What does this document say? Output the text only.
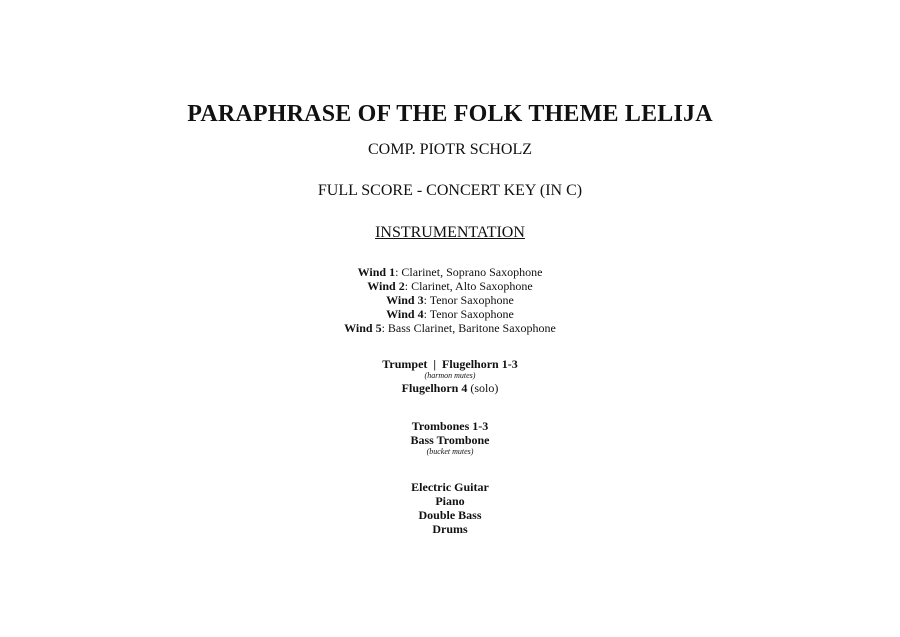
PARAPHRASE OF THE FOLK THEME LELIJA
COMP. PIOTR SCHOLZ
FULL SCORE - CONCERT KEY (IN C)
INSTRUMENTATION
Wind 1: Clarinet, Soprano Saxophone
Wind 2: Clarinet, Alto Saxophone
Wind 3: Tenor Saxophone
Wind 4: Tenor Saxophone
Wind 5: Bass Clarinet, Baritone Saxophone
Trumpet  |  Flugelhorn 1-3
(harmon mutes)
Flugelhorn 4 (solo)
Trombones 1-3
Bass Trombone
(bucket mutes)
Electric Guitar
Piano
Double Bass
Drums
